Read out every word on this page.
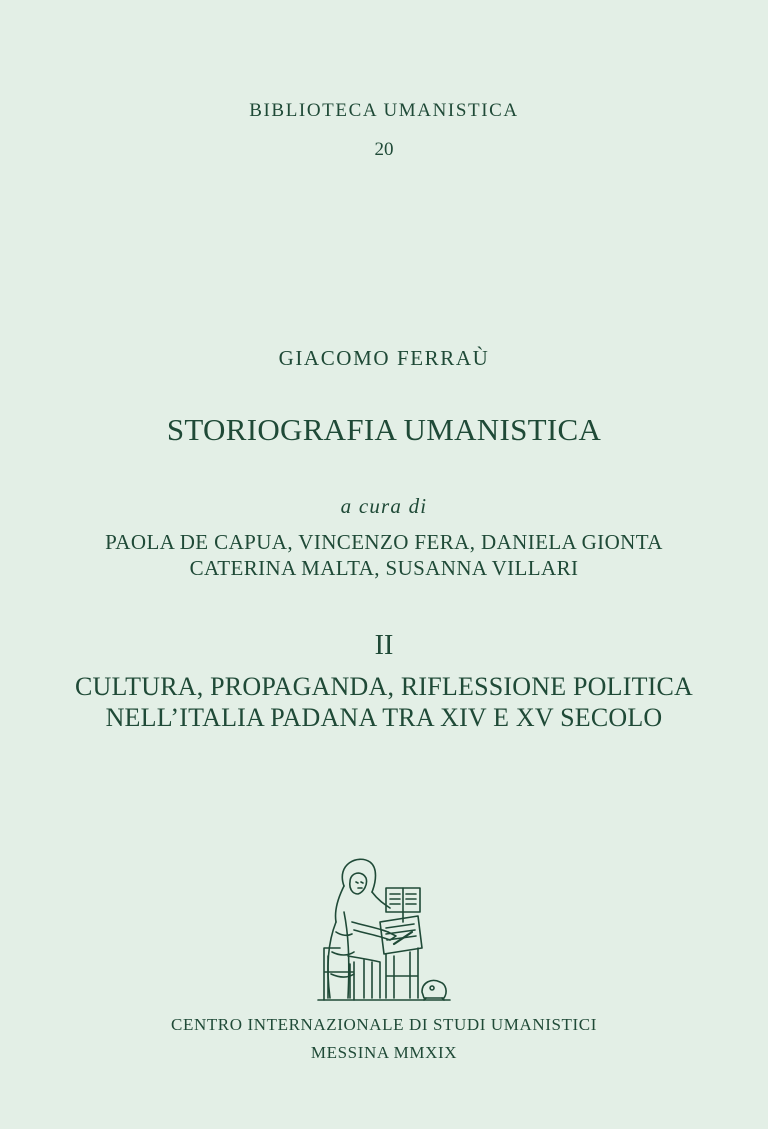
BIBLIOTECA UMANISTICA

20

GIACOMO FERRAÙ

STORIOGRAFIA UMANISTICA

a cura di

PAOLA DE CAPUA, VINCENZO FERA, DANIELA GIONTA

CATERINA MALTA, SUSANNA VILLARI

II

CULTURA, PROPAGANDA, RIFLESSIONE POLITICA

NELL’ITALIA PADANA TRA XIV E XV SECOLO

CENTRO INTERNAZIONALE DI STUDI UMANISTICI

MESSINA MMXIX
